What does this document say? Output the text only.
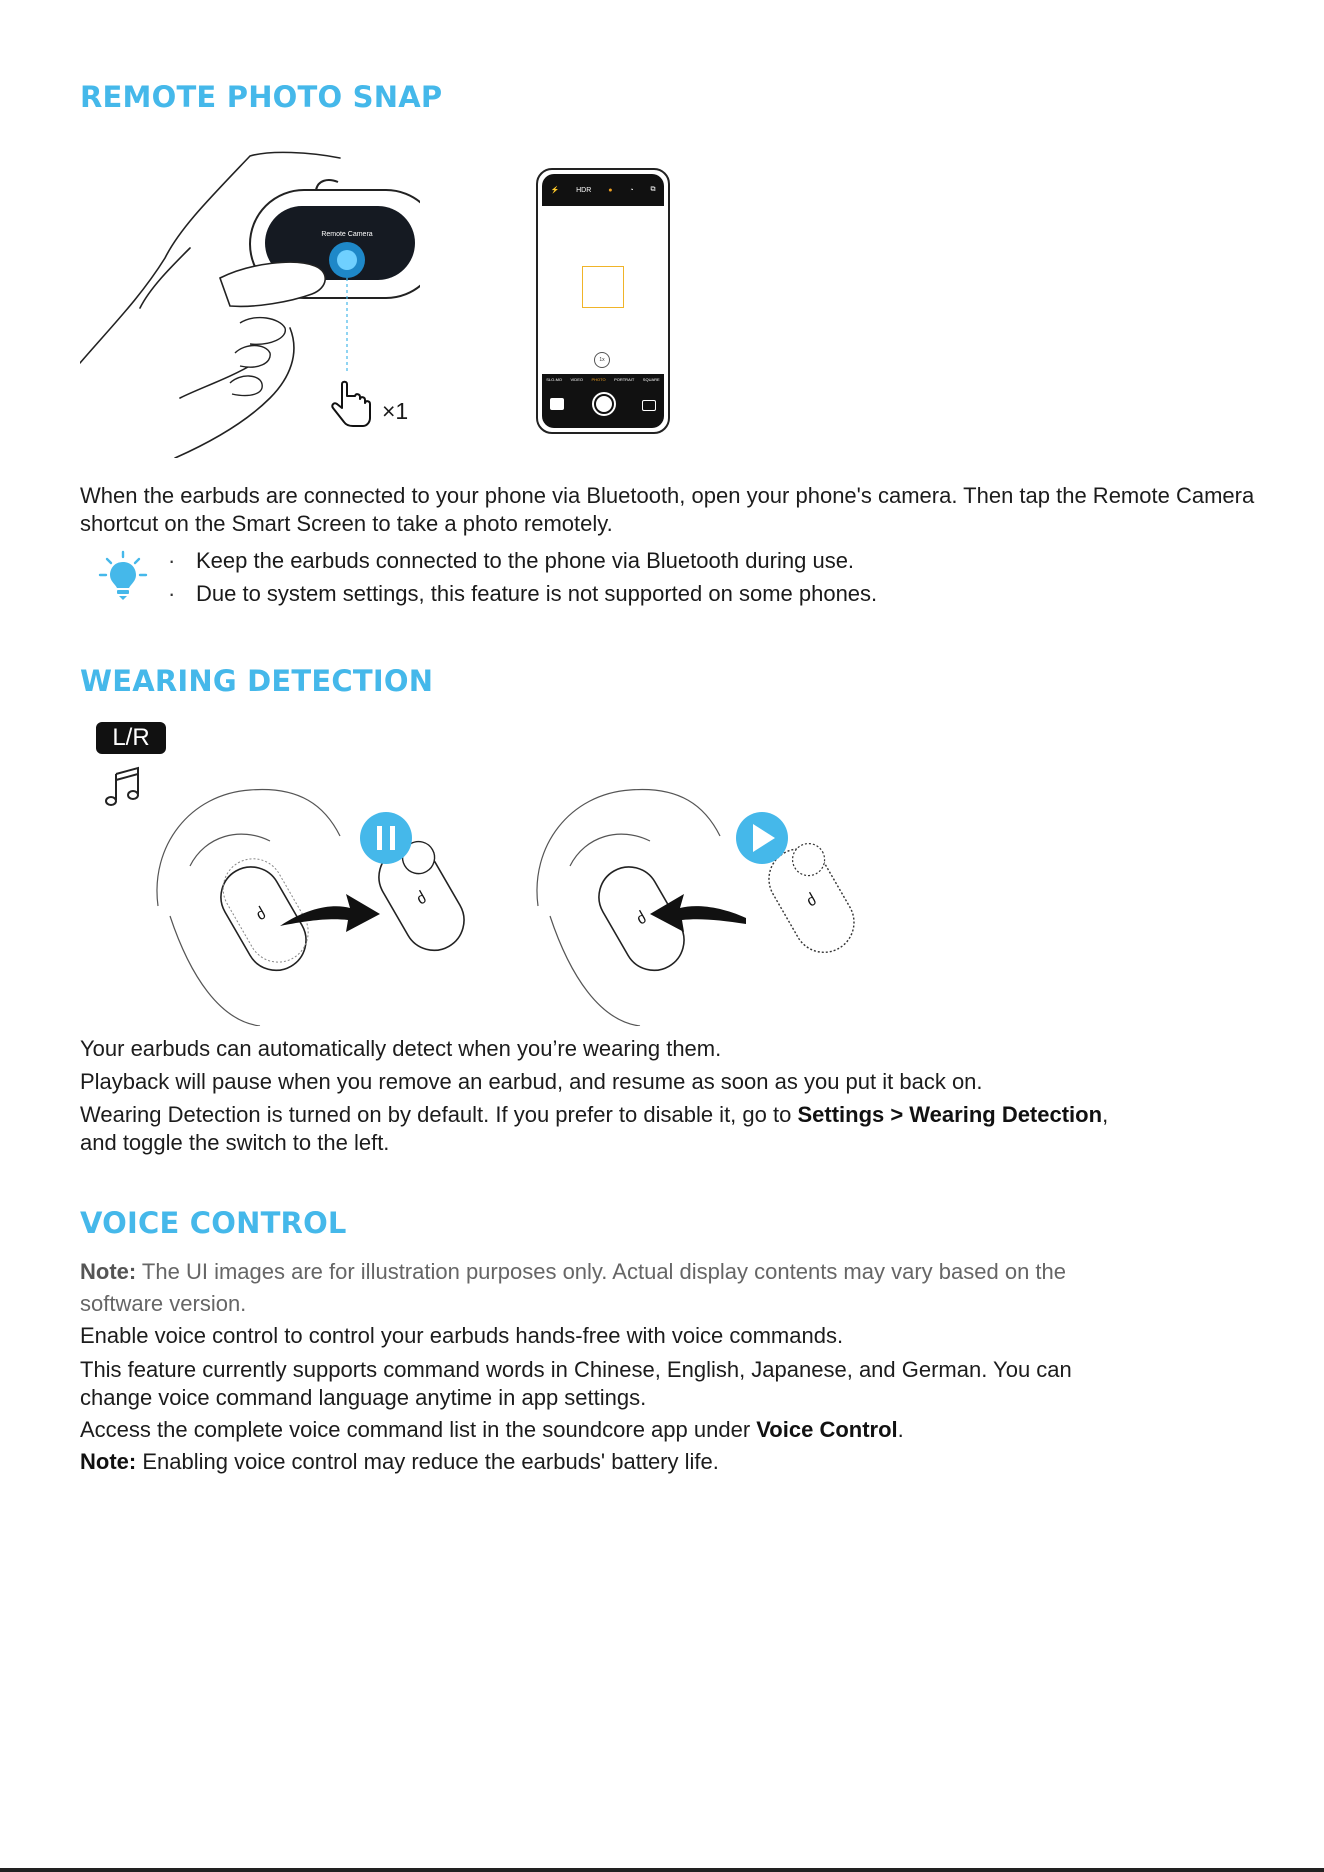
REMOTE PHOTO SNAP
Remote Camera
×1
⚡ HDR ● ◔ ⧉
1x
SLO-MO VIDEO PHOTO PORTRAIT SQUARE
When the earbuds are connected to your phone via Bluetooth, open your phone's camera. Then tap the Remote Camera shortcut on the Smart Screen to take a photo remotely.
· Keep the earbuds connected to the phone via Bluetooth during use.
· Due to system settings, this feature is not supported on some phones.
WEARING DETECTION
L/R
ძ
ძ
ძ
ძ

Your earbuds can automatically detect when you’re wearing them.

Playback will pause when you remove an earbud, and resume as soon as you put it back on.

Wearing Detection is turned on by default. If you prefer to disable it, go to Settings > Wearing Detection,

and toggle the switch to the left.

VOICE CONTROL

Note: The UI images are for illustration purposes only. Actual display contents may vary based on the

software version.

Enable voice control to control your earbuds hands-free with voice commands.

This feature currently supports command words in Chinese, English, Japanese, and German. You can

change voice command language anytime in app settings.

Access the complete voice command list in the soundcore app under Voice Control.

Note: Enabling voice control may reduce the earbuds' battery life.
